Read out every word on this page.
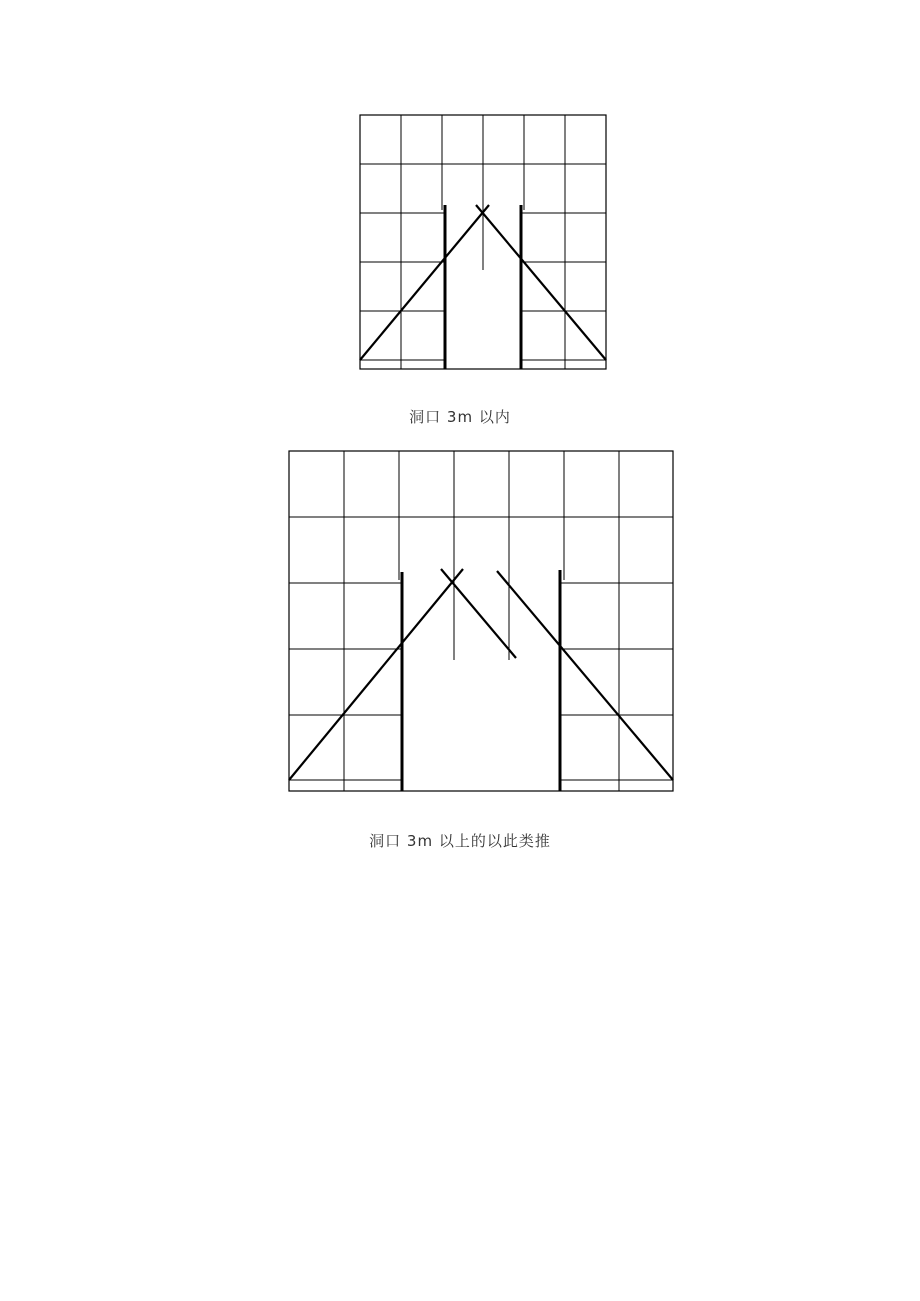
洞口 3m 以内
洞口 3m 以上的以此类推
